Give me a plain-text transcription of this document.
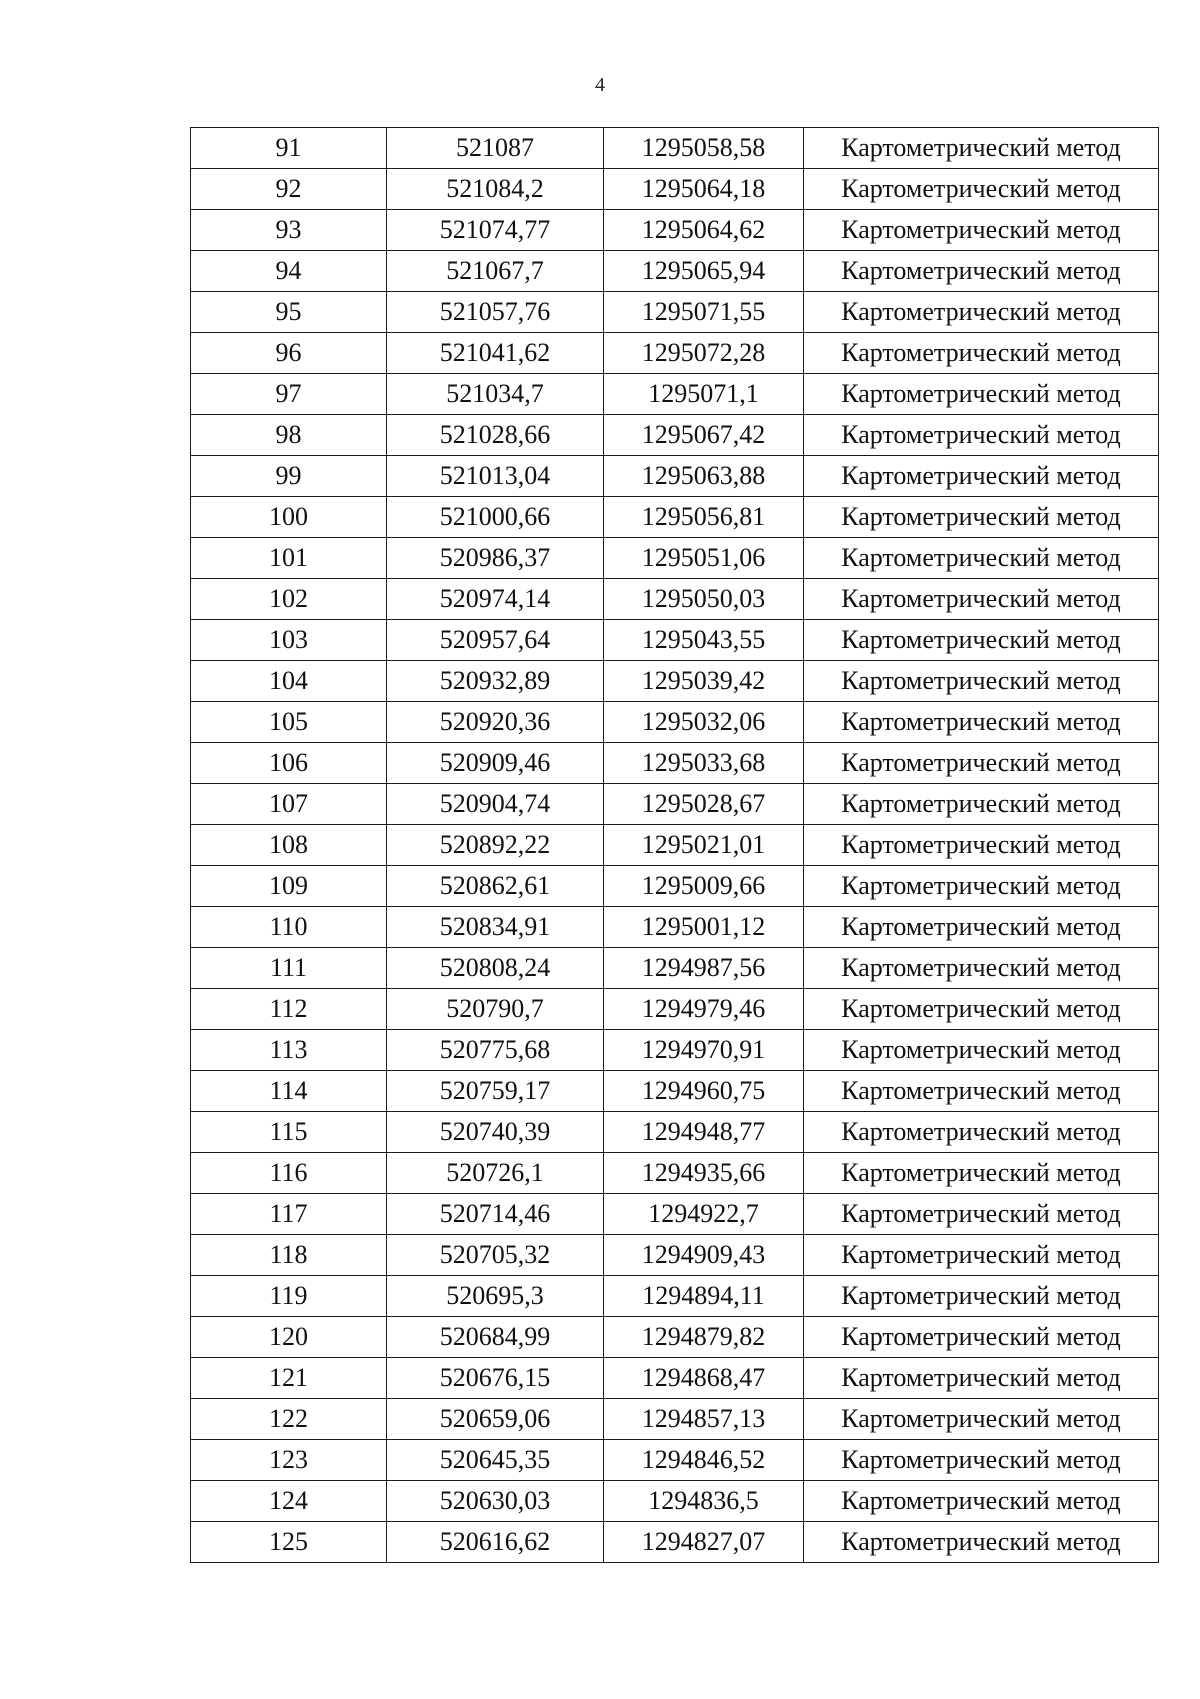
4
91	521087	1295058,58	Картометрический метод
92	521084,2	1295064,18	Картометрический метод
93	521074,77	1295064,62	Картометрический метод
94	521067,7	1295065,94	Картометрический метод
95	521057,76	1295071,55	Картометрический метод
96	521041,62	1295072,28	Картометрический метод
97	521034,7	1295071,1	Картометрический метод
98	521028,66	1295067,42	Картометрический метод
99	521013,04	1295063,88	Картометрический метод
100	521000,66	1295056,81	Картометрический метод
101	520986,37	1295051,06	Картометрический метод
102	520974,14	1295050,03	Картометрический метод
103	520957,64	1295043,55	Картометрический метод
104	520932,89	1295039,42	Картометрический метод
105	520920,36	1295032,06	Картометрический метод
106	520909,46	1295033,68	Картометрический метод
107	520904,74	1295028,67	Картометрический метод
108	520892,22	1295021,01	Картометрический метод
109	520862,61	1295009,66	Картометрический метод
110	520834,91	1295001,12	Картометрический метод
111	520808,24	1294987,56	Картометрический метод
112	520790,7	1294979,46	Картометрический метод
113	520775,68	1294970,91	Картометрический метод
114	520759,17	1294960,75	Картометрический метод
115	520740,39	1294948,77	Картометрический метод
116	520726,1	1294935,66	Картометрический метод
117	520714,46	1294922,7	Картометрический метод
118	520705,32	1294909,43	Картометрический метод
119	520695,3	1294894,11	Картометрический метод
120	520684,99	1294879,82	Картометрический метод
121	520676,15	1294868,47	Картометрический метод
122	520659,06	1294857,13	Картометрический метод
123	520645,35	1294846,52	Картометрический метод
124	520630,03	1294836,5	Картометрический метод
125	520616,62	1294827,07	Картометрический метод
